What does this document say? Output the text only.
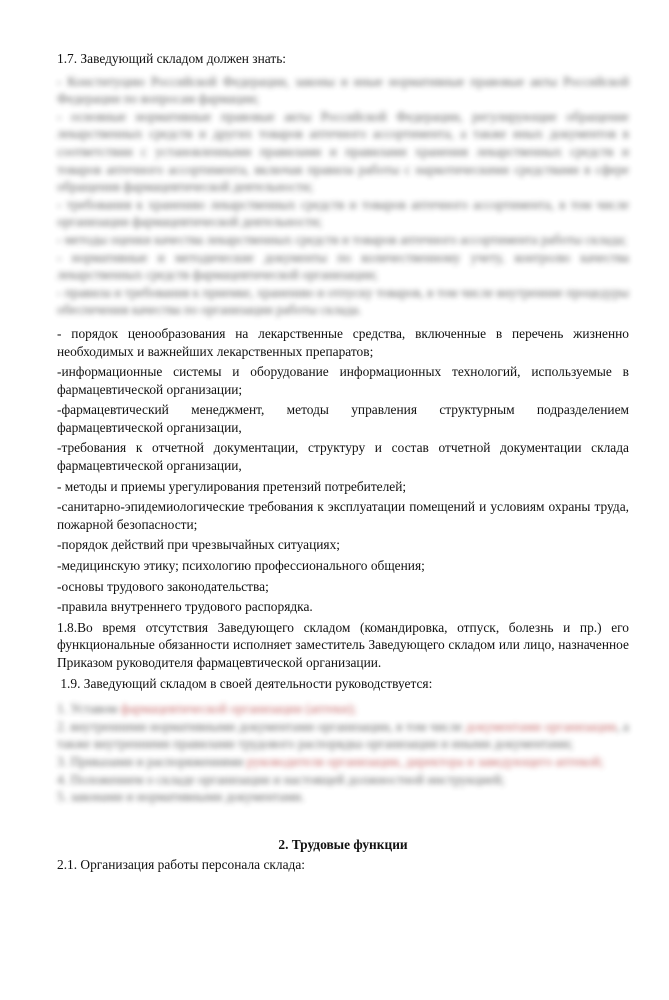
1.7. Заведующий складом должен знать:

- Конституцию Российской Федерации, законы и иные нормативные правовые акты Российской Федерации по вопросам фармации;

- основные нормативные правовые акты Российской Федерации, регулирующие обращение лекарственных средств и других товаров аптечного ассортимента, а также иных документов в соответствии с установленными правилами и правилами хранения лекарственных средств и товаров аптечного ассортимента, включая правила работы с наркотическими средствами в сфере обращения фармацевтической деятельности;

- требования к хранению лекарственных средств и товаров аптечного ассортимента, в том числе организации фармацевтической деятельности;

- методы оценки качества лекарственных средств и товаров аптечного ассортимента работы склада;

- нормативные и методические документы по количественному учету, контролю качества лекарственных средств фармацевтической организации;

- правила и требования к приемке, хранению и отпуску товаров, в том числе внутренние процедуры обеспечения качества по организации работы склада.

- порядок ценообразования на лекарственные средства, включенные в перечень жизненно необходимых и важнейших лекарственных препаратов;

-информационные системы и оборудование информационных технологий, используемые в фармацевтической организации;

-фармацевтический менеджмент, методы управления структурным подразделением фармацевтической организации,

-требования к отчетной документации, структуру и состав отчетной документации склада фармацевтической организации,

- методы и приемы урегулирования претензий потребителей;

-санитарно-эпидемиологические требования к эксплуатации помещений и условиям охраны труда, пожарной безопасности;

-порядок действий при чрезвычайных ситуациях;

-медицинскую этику; психологию профессионального общения;

-основы трудового законодательства;

-правила внутреннего трудового распорядка.

1.8.Во время отсутствия Заведующего складом (командировка, отпуск, болезнь и пр.) его функциональные обязанности исполняет заместитель Заведующего складом или лицо, назначенное Приказом руководителя фармацевтической организации.

1.9. Заведующий складом в своей деятельности руководствуется:

1. Уставом фармацевтической организации (аптеки);

2. внутренними нормативными документами организации, в том числе документами организации, а также внутренними правилами трудового распорядка организации и иными документами;

3. Приказами и распоряжениями руководителя организации, директора и заведующего аптекой;

4. Положением о складе организации и настоящей должностной инструкцией;

5. законами и нормативными документами.

2. Трудовые функции
2.1. Организация работы персонала склада:
